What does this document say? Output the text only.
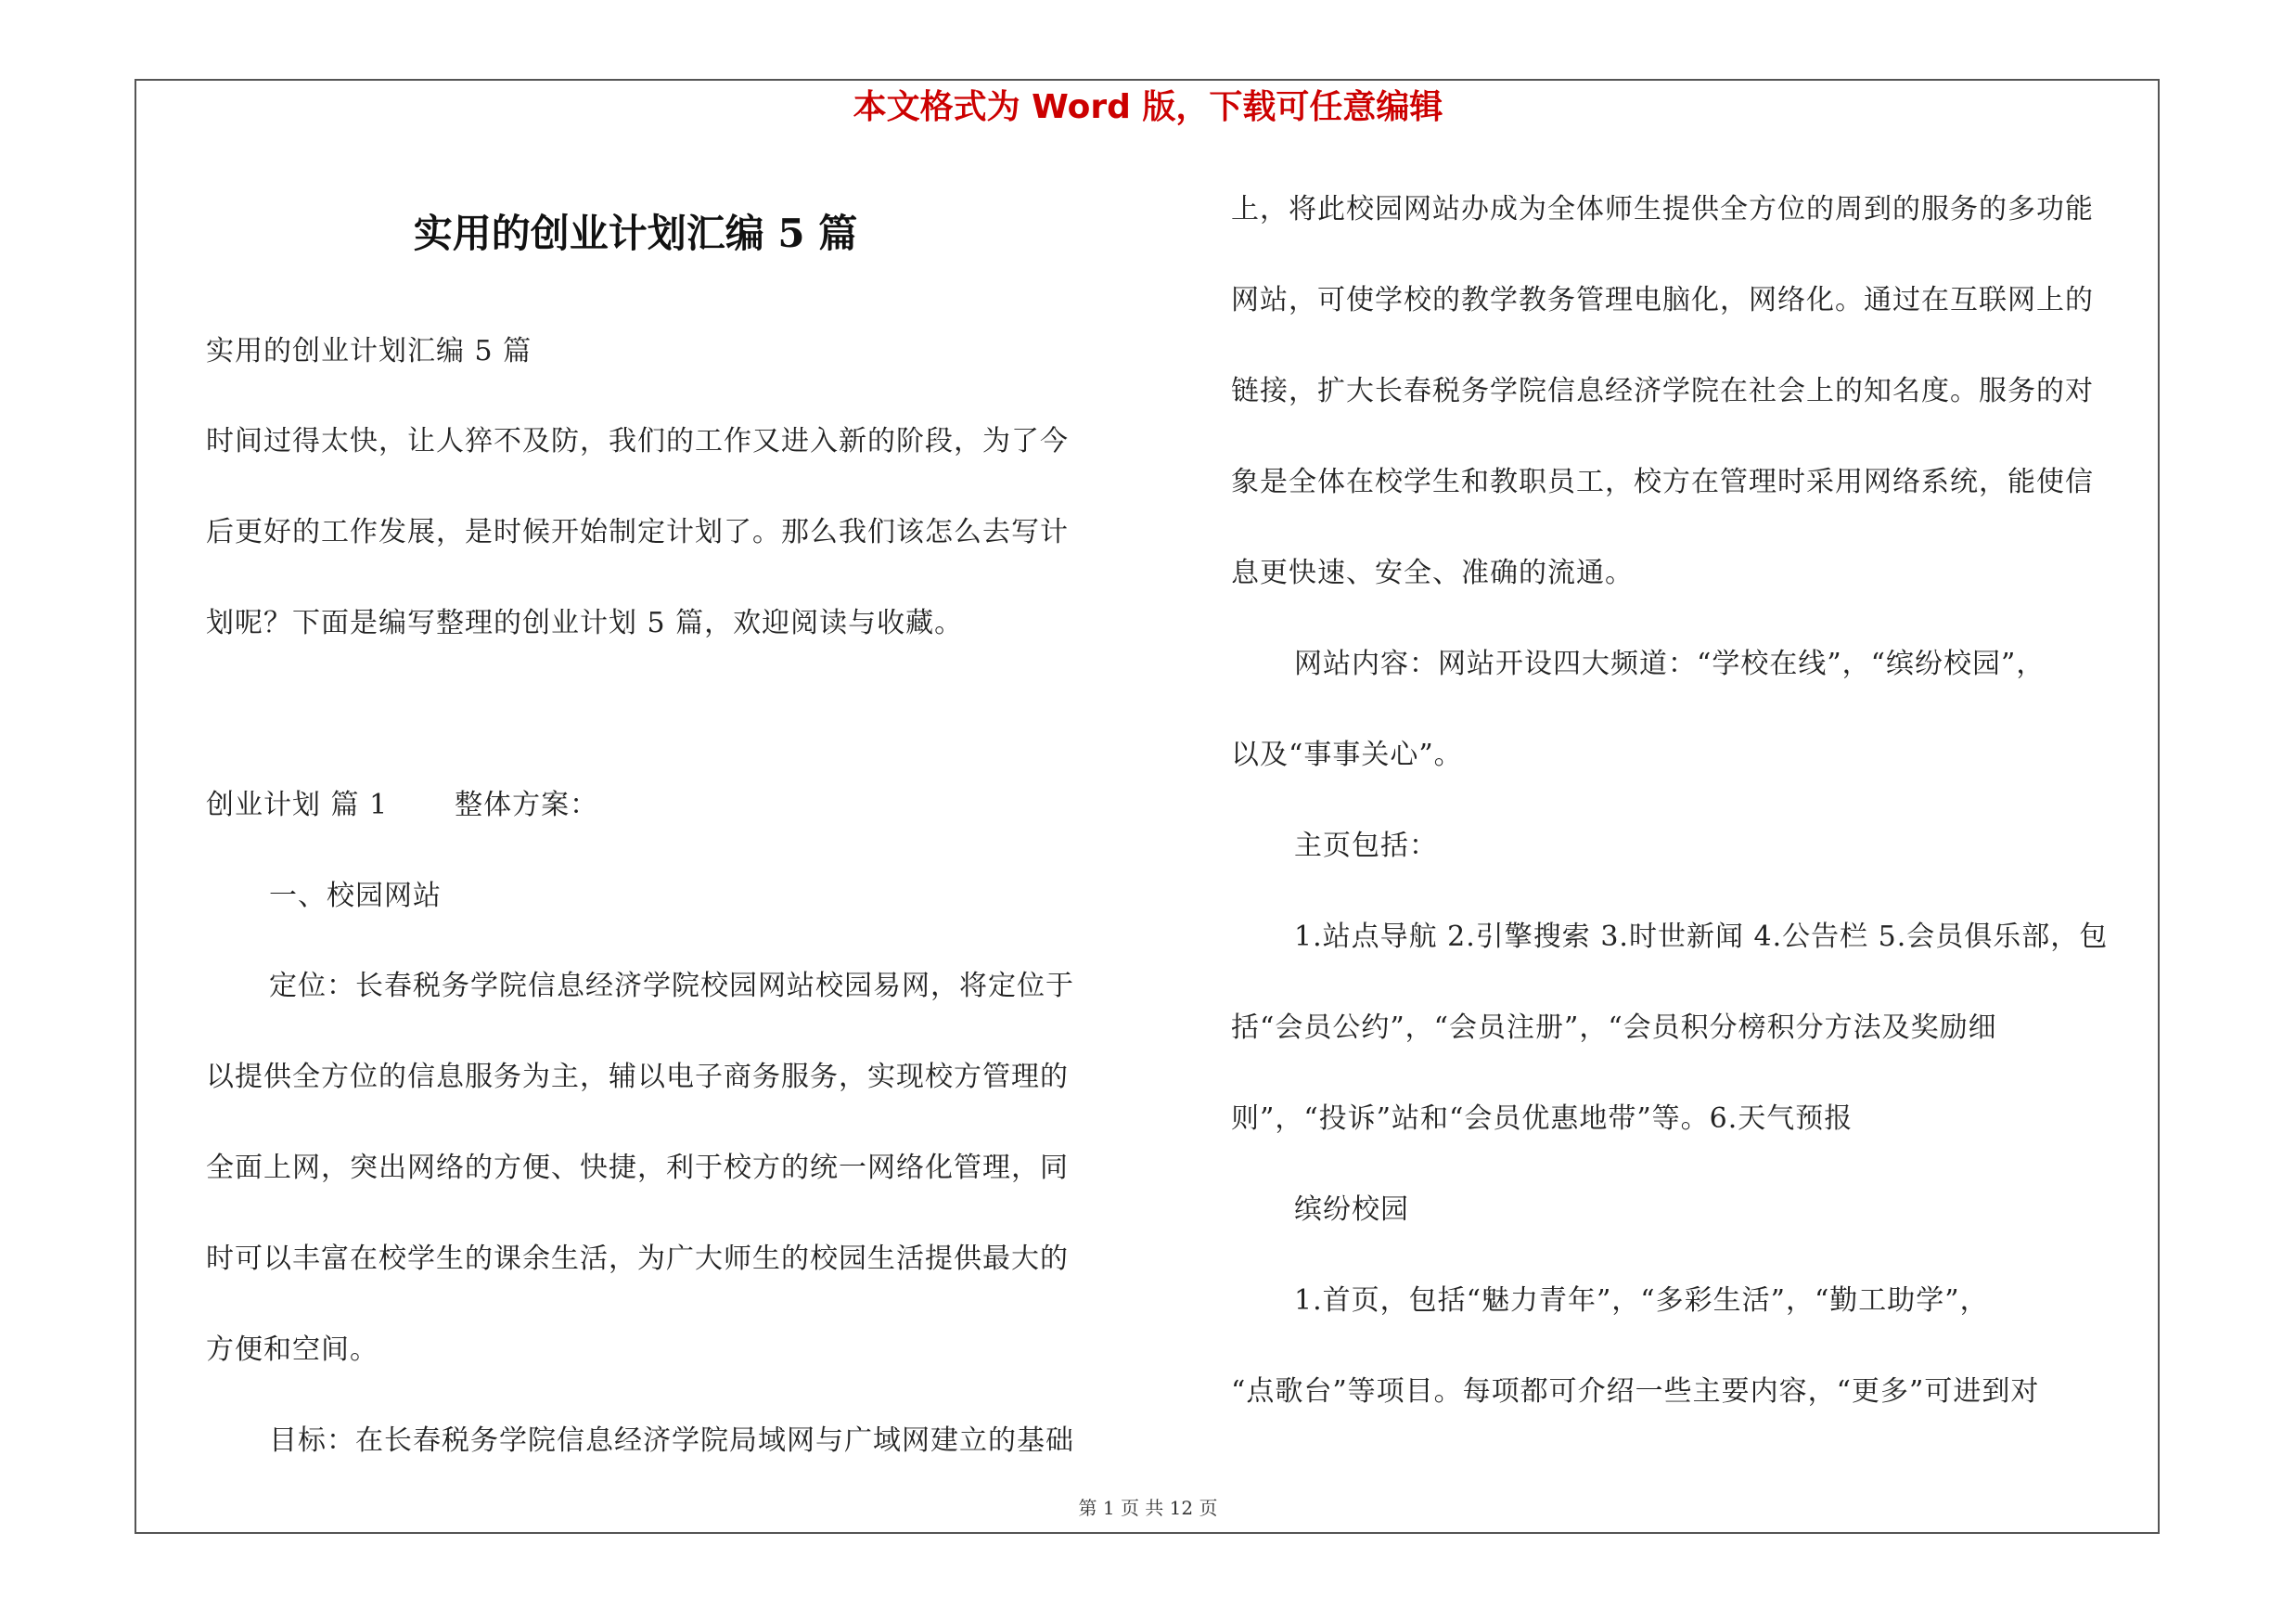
本文格式为 Word 版，下载可任意编辑
实用的创业计划汇编 5 篇
实用的创业计划汇编 5 篇
时间过得太快，让人猝不及防，我们的工作又进入新的阶段，为了今
后更好的工作发展，是时候开始制定计划了。那么我们该怎么去写计
划呢？下面是编写整理的创业计划 5 篇，欢迎阅读与收藏。
创业计划 篇 1 整体方案：
一、校园网站
定位：长春税务学院信息经济学院校园网站校园易网，将定位于
以提供全方位的信息服务为主，辅以电子商务服务，实现校方管理的
全面上网，突出网络的方便、快捷，利于校方的统一网络化管理，同
时可以丰富在校学生的课余生活，为广大师生的校园生活提供最大的
方便和空间。
目标：在长春税务学院信息经济学院局域网与广域网建立的基础
上，将此校园网站办成为全体师生提供全方位的周到的服务的多功能
网站，可使学校的教学教务管理电脑化，网络化。通过在互联网上的
链接，扩大长春税务学院信息经济学院在社会上的知名度。服务的对
象是全体在校学生和教职员工，校方在管理时采用网络系统，能使信
息更快速、安全、准确的流通。
网站内容：网站开设四大频道：“学校在线”，“缤纷校园”，
以及“事事关心”。
主页包括：
1.站点导航 2.引擎搜索 3.时世新闻 4.公告栏 5.会员俱乐部，包
括“会员公约”，“会员注册”，“会员积分榜积分方法及奖励细
则”，“投诉”站和“会员优惠地带”等。6.天气预报
缤纷校园
1.首页，包括“魅力青年”，“多彩生活”，“勤工助学”，
“点歌台”等项目。每项都可介绍一些主要内容，“更多”可进到对
第 1 页 共 12 页
